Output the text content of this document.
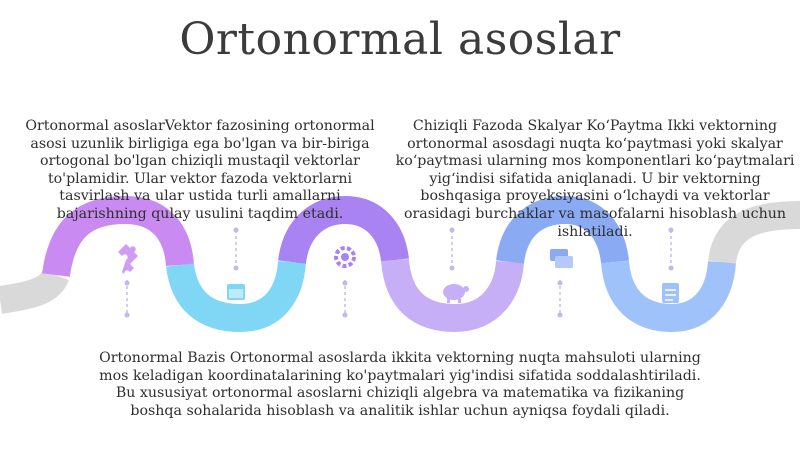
Ortonormal asoslar
Ortonormal asoslarVektor fazosining ortonormal asosi uzunlik birligiga ega bo'lgan va bir-biriga ortogonal bo'lgan chiziqli mustaqil vektorlar to'plamidir. Ular vektor fazoda vektorlarni tasvirlash va ular ustida turli amallarni bajarishning qulay usulini taqdim etadi.
Chiziqli Fazoda Skalyar Ko‘Paytma Ikki vektorning ortonormal asosdagi nuqta ko‘paytmasi yoki skalyar ko‘paytmasi ularning mos komponentlari ko‘paytmalari yig‘indisi sifatida aniqlanadi. U bir vektorning boshqasiga proyeksiyasini o‘lchaydi va vektorlar orasidagi burchaklar va masofalarni hisoblash uchun ishlatiladi.
Ortonormal Bazis Ortonormal asoslarda ikkita vektorning nuqta mahsuloti ularning mos keladigan koordinatalarining ko'paytmalari yig'indisi sifatida soddalashtiriladi. Bu xususiyat ortonormal asoslarni chiziqli algebra va matematika va fizikaning boshqa sohalarida hisoblash va analitik ishlar uchun ayniqsa foydali qiladi.
